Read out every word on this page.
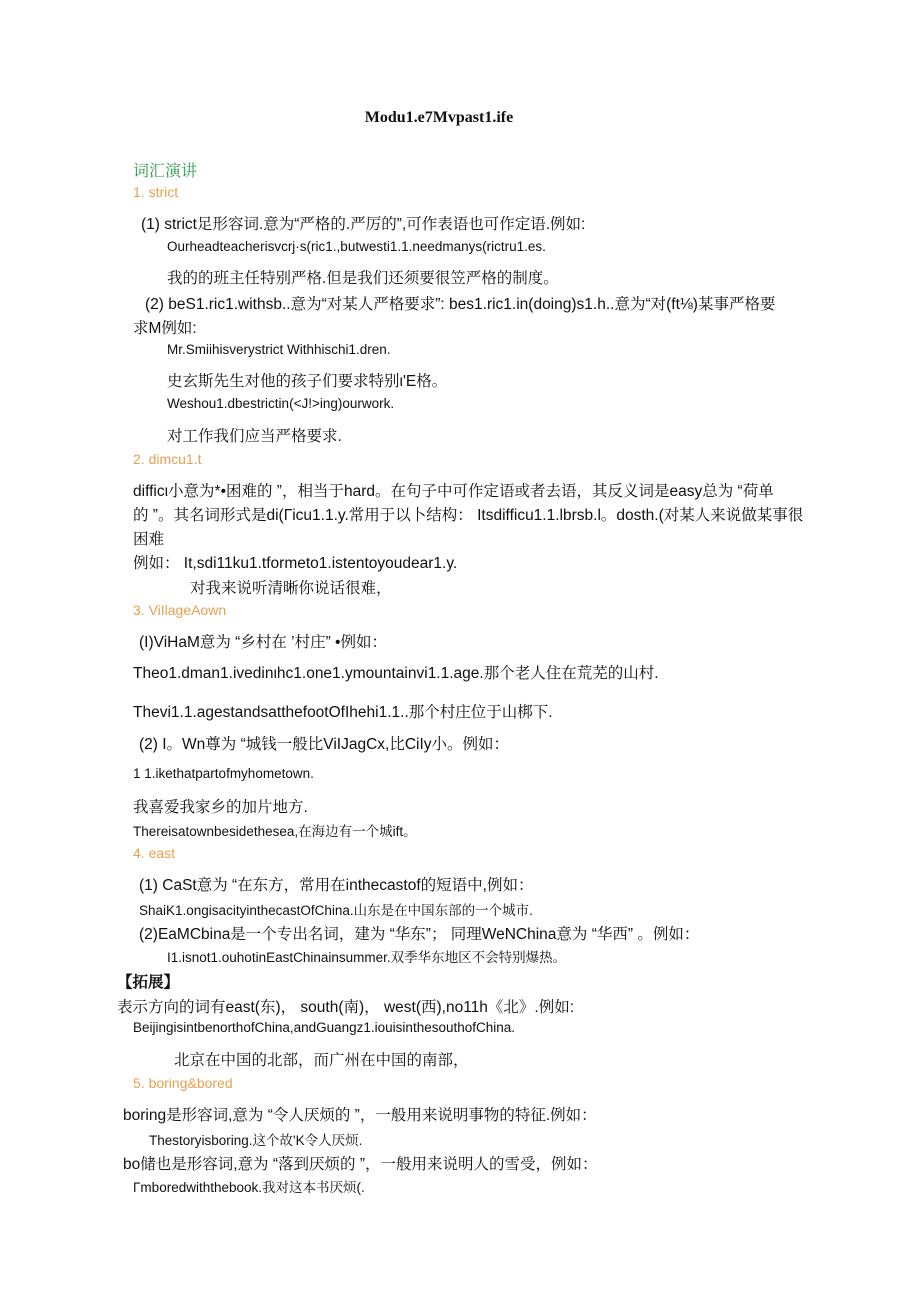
Modu1.e7Mvpast1.ife
词汇演讲
1. strict
(1) strict足形容词.意为“严格的.严厉的”,可作表语也可作定语.例如:
Ourheadteacherisvcrj·s(ric1.,butwesti1.1.needmanys(rictru1.es.
我的的班主任特别严格.但是我们还须要很笠严格的制度。
(2) beS1.ric1.withsb..意为“对某人严格要求”: bes1.ric1.in(doing)s1.h..意为“对(ft⅛)某事严格要
求M例如:
Mr.Smiihisverystrict Withhischi1.dren.
史玄斯先生对他的孩子们要求特别ι'E格。
Weshou1.dbestrictin(<J!>ing)ourwork.
对工作我们应当严格要求.
2. dimcu1.t
difficι小意为*•困难的 ”，相当于hard。在句子中可作定语或者去语，其反义词是easy总为 “荷单
的 ”。其名词形式是di(Γicu1.1.y.常用于以卜结构： Itsdifficu1.1.lbrsb.l。dosth.(对某人来说做某事很
困难
例如： It,sdi11ku1.tformeto1.istentoyoudear1.y.
对我来说听清晰你说话很难，
3. ViIlageAown
(I)ViHaM意为 “乡村在 ’村庄” •例如：
Theo1.dman1.ivedinιhc1.one1.ymountainvi1.1.age.那个老人住在荒芜的山村.
Thevi1.1.agestandsatthefootOfIhehi1.1..那个村庄位于山梆下.
(2) I。Wn尊为 “城钱一般比ViIJagCx,比CiIy小。例如：
1 1.ikethatpartofmyhometown.
我喜爱我家乡的加片地方.
Thereisatownbesidethesea,在海边有一个城ift。
4. east
(1) CaSt意为 “在东方，常用在inthecastof的短语中,例如：
ShaiK1.ongisacityinthecastOfChina.山东是在中国东部的一个城市.
(2)EaMCbina是一个专出名词，建为 “华东”； 同理WeNChina意为 “华西” 。例如：
I1.isnot1.ouhotinEastChinainsummer.双季华东地区不会特别爆热。
【拓展】
表示方向的词有east(东)， south(南)， west(西),no11h《北》.例如:
BeijingisintbenorthofChina,andGuangz1.iouisinthesouthofChina.
北京在中国的北部，而广州在中国的南部，
5. boring&bored
boring是形容词,意为 “令人厌烦的 ”，一般用来说明事物的特征.例如：
Thestoryisboring.这个故'K令人厌烦.
bo储也是形容词,意为 “落到厌烦的 ”，一般用来说明人的雪受，例如：
Γmboredwiththebook.我对这本书厌烦(.
